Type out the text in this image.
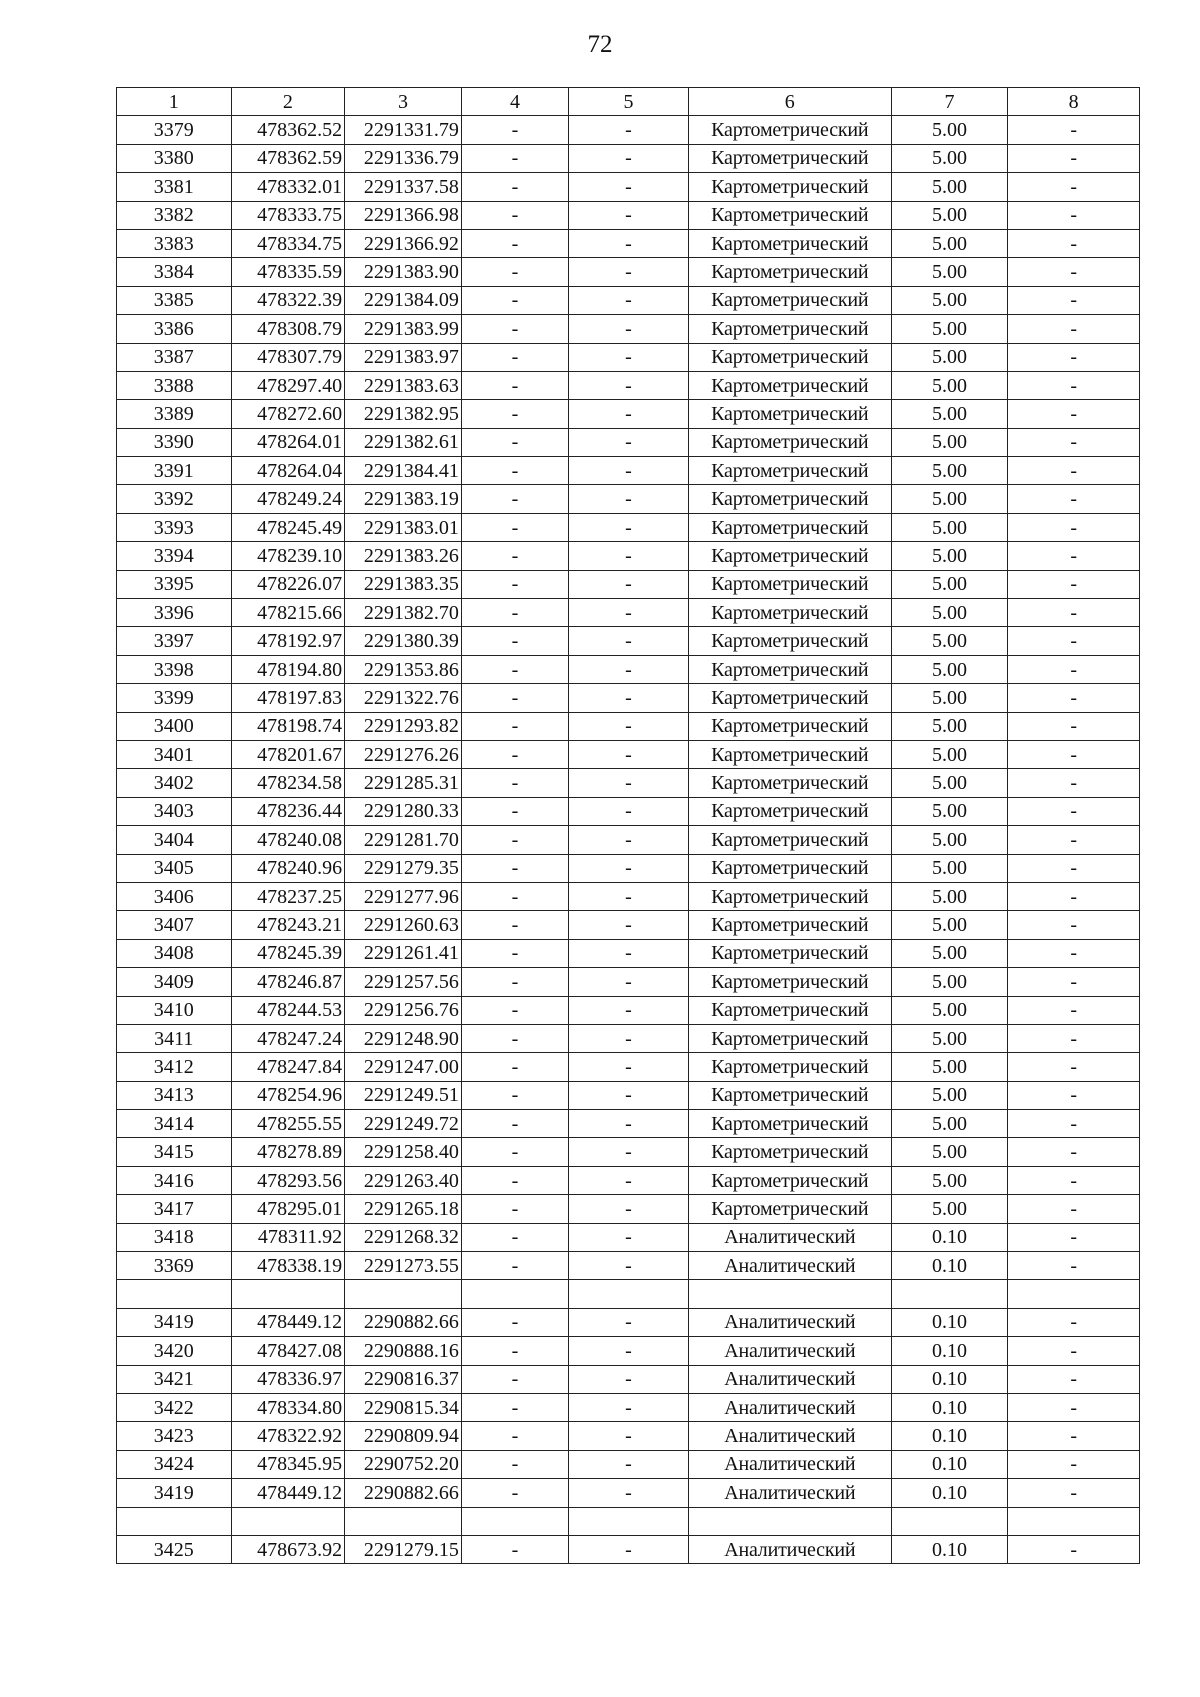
72
1	2	3	4	5	6	7	8
3379	478362.52	2291331.79	-	-	Картометрический	5.00	-
3380	478362.59	2291336.79	-	-	Картометрический	5.00	-
3381	478332.01	2291337.58	-	-	Картометрический	5.00	-
3382	478333.75	2291366.98	-	-	Картометрический	5.00	-
3383	478334.75	2291366.92	-	-	Картометрический	5.00	-
3384	478335.59	2291383.90	-	-	Картометрический	5.00	-
3385	478322.39	2291384.09	-	-	Картометрический	5.00	-
3386	478308.79	2291383.99	-	-	Картометрический	5.00	-
3387	478307.79	2291383.97	-	-	Картометрический	5.00	-
3388	478297.40	2291383.63	-	-	Картометрический	5.00	-
3389	478272.60	2291382.95	-	-	Картометрический	5.00	-
3390	478264.01	2291382.61	-	-	Картометрический	5.00	-
3391	478264.04	2291384.41	-	-	Картометрический	5.00	-
3392	478249.24	2291383.19	-	-	Картометрический	5.00	-
3393	478245.49	2291383.01	-	-	Картометрический	5.00	-
3394	478239.10	2291383.26	-	-	Картометрический	5.00	-
3395	478226.07	2291383.35	-	-	Картометрический	5.00	-
3396	478215.66	2291382.70	-	-	Картометрический	5.00	-
3397	478192.97	2291380.39	-	-	Картометрический	5.00	-
3398	478194.80	2291353.86	-	-	Картометрический	5.00	-
3399	478197.83	2291322.76	-	-	Картометрический	5.00	-
3400	478198.74	2291293.82	-	-	Картометрический	5.00	-
3401	478201.67	2291276.26	-	-	Картометрический	5.00	-
3402	478234.58	2291285.31	-	-	Картометрический	5.00	-
3403	478236.44	2291280.33	-	-	Картометрический	5.00	-
3404	478240.08	2291281.70	-	-	Картометрический	5.00	-
3405	478240.96	2291279.35	-	-	Картометрический	5.00	-
3406	478237.25	2291277.96	-	-	Картометрический	5.00	-
3407	478243.21	2291260.63	-	-	Картометрический	5.00	-
3408	478245.39	2291261.41	-	-	Картометрический	5.00	-
3409	478246.87	2291257.56	-	-	Картометрический	5.00	-
3410	478244.53	2291256.76	-	-	Картометрический	5.00	-
3411	478247.24	2291248.90	-	-	Картометрический	5.00	-
3412	478247.84	2291247.00	-	-	Картометрический	5.00	-
3413	478254.96	2291249.51	-	-	Картометрический	5.00	-
3414	478255.55	2291249.72	-	-	Картометрический	5.00	-
3415	478278.89	2291258.40	-	-	Картометрический	5.00	-
3416	478293.56	2291263.40	-	-	Картометрический	5.00	-
3417	478295.01	2291265.18	-	-	Картометрический	5.00	-
3418	478311.92	2291268.32	-	-	Аналитический	0.10	-
3369	478338.19	2291273.55	-	-	Аналитический	0.10	-

3419	478449.12	2290882.66	-	-	Аналитический	0.10	-
3420	478427.08	2290888.16	-	-	Аналитический	0.10	-
3421	478336.97	2290816.37	-	-	Аналитический	0.10	-
3422	478334.80	2290815.34	-	-	Аналитический	0.10	-
3423	478322.92	2290809.94	-	-	Аналитический	0.10	-
3424	478345.95	2290752.20	-	-	Аналитический	0.10	-
3419	478449.12	2290882.66	-	-	Аналитический	0.10	-

3425	478673.92	2291279.15	-	-	Аналитический	0.10	-
